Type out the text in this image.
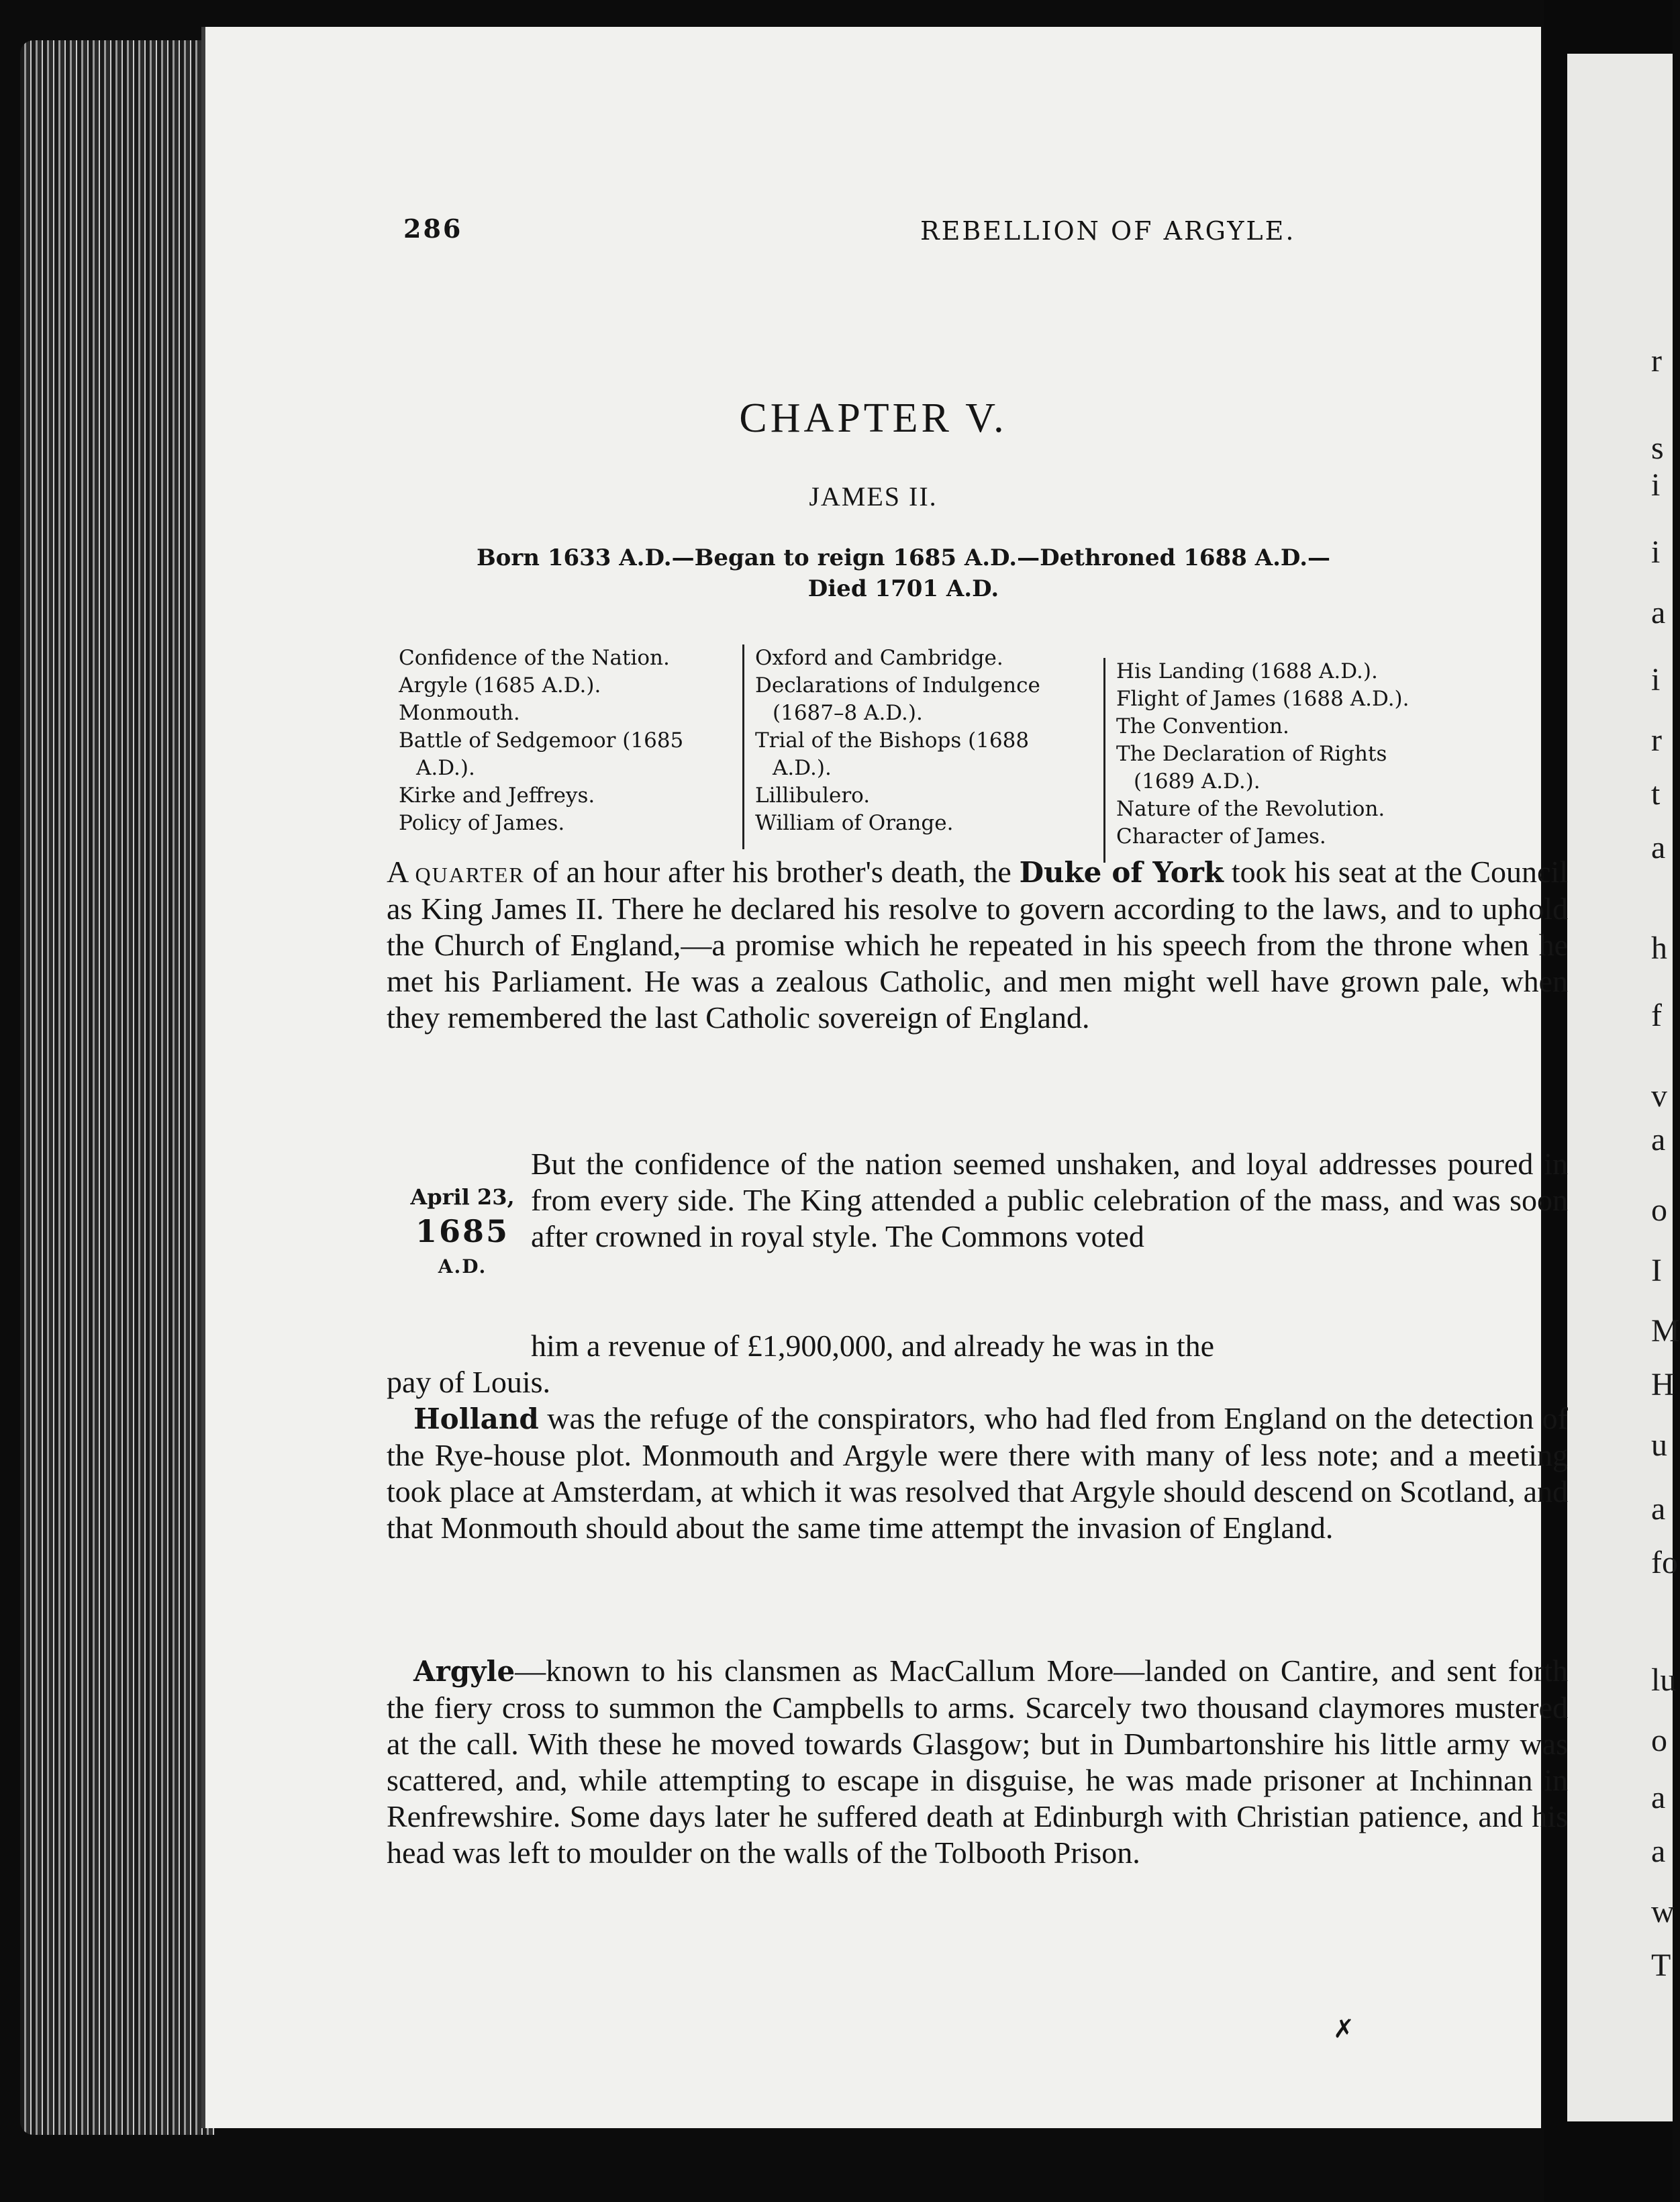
r
s
i
i
a
i
r
t
a
h
f
v
a
o
I
M
H
u
a
fo
lu
o
a
a
w
T
286	REBELLION OF ARGYLE.
CHAPTER V.
JAMES II.
Born 1633 A.D.—Began to reign 1685 A.D.—Dethroned 1688 A.D.—
Died 1701 A.D.
Confidence of the Nation.
Argyle (1685 A.D.).
Monmouth.
Battle of Sedgemoor (1685
A.D.).
Kirke and Jeffreys.
Policy of James.
Oxford and Cambridge.
Declarations of Indulgence
(1687–8 A.D.).
Trial of the Bishops (1688
A.D.).
Lillibulero.
William of Orange.
His Landing (1688 A.D.).
Flight of James (1688 A.D.).
The Convention.
The Declaration of Rights
(1689 A.D.).
Nature of the Revolution.
Character of James.
A quarter of an hour after his brother's death, the Duke of York took his seat at the Council as King James II. There he declared his resolve to govern according to the laws, and to uphold the Church of England,—a promise which he repeated in his speech from the throne when he met his Parliament. He was a zealous Catholic, and men might well have grown pale, when they remembered the last Catholic sovereign of England.
April 23,
1685
A.D.
But the confidence of the nation seemed unshaken, and loyal addresses poured in from every side. The King attended a public celebration of the mass, and was soon after crowned in royal style. The Commons voted
him a revenue of £1,900,000, and already he was in the
pay of Louis.
Holland was the refuge of the conspirators, who had fled from England on the detection of the Rye-house plot. Monmouth and Argyle were there with many of less note; and a meeting took place at Amsterdam, at which it was resolved that Argyle should descend on Scotland, and that Monmouth should about the same time attempt the invasion of England.
Argyle—known to his clansmen as MacCallum More—landed on Cantire, and sent forth the fiery cross to summon the Campbells to arms. Scarcely two thousand claymores mustered at the call. With these he moved towards Glasgow; but in Dumbartonshire his little army was scattered, and, while attempting to escape in disguise, he was made prisoner at Inchinnan in Renfrewshire. Some days later he suffered death at Edinburgh with Christian patience, and his head was left to moulder on the walls of the Tolbooth Prison.
✗
